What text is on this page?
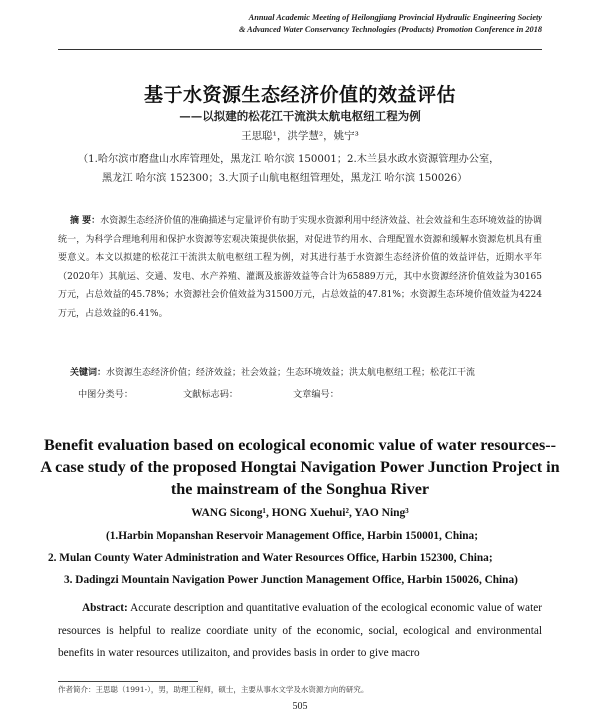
Annual Academic Meeting of Heilongjiang Provincial Hydraulic Engineering Society
& Advanced Water Conservancy Technologies (Products) Promotion Conference in 2018
基于水资源生态经济价值的效益评估
——以拟建的松花江干流洪太航电枢纽工程为例
王思聪¹，洪学慧²，姚宁³
（1.哈尔滨市磨盘山水库管理处，黑龙江 哈尔滨 150001；2.木兰县水政水资源管理办公室，
黑龙江 哈尔滨 152300；3.大顶子山航电枢纽管理处，黑龙江 哈尔滨 150026）
摘 要：水资源生态经济价值的准确描述与定量评价有助于实现水资源利用中经济效益、社会效益和生态环境效益的协调统一，为科学合理地利用和保护水资源等宏观决策提供依据，对促进节约用水、合理配置水资源和缓解水资源危机具有重要意义。本文以拟建的松花江干流洪太航电枢纽工程为例，对其进行基于水资源生态经济价值的效益评估，近期水平年（2020年）其航运、交通、发电、水产养殖、灌溉及旅游效益等合计为65889万元，其中水资源经济价值效益为30165万元，占总效益的45.78%；水资源社会价值效益为31500万元，占总效益的47.81%；水资源生态环境价值效益为4224万元，占总效益的6.41%。
关键词：水资源生态经济价值；经济效益；社会效益；生态环境效益；洪太航电枢纽工程；松花江干流
中图分类号：	文献标志码：	文章编号：
Benefit evaluation based on ecological economic value of water resources--A case study of the proposed Hongtai Navigation Power Junction Project in the mainstream of the Songhua River
WANG Sicong¹, HONG Xuehui², YAO Ning³
(1.Harbin Mopanshan Reservoir Management Office, Harbin 150001, China;
2. Mulan County Water Administration and Water Resources Office, Harbin 152300, China;
3. Dadingzi Mountain Navigation Power Junction Management Office, Harbin 150026, China)
Abstract: Accurate description and quantitative evaluation of the ecological economic value of water resources is helpful to realize coordiate unity of the economic, social, ecological and environmental benefits in water resources utilizaiton, and provides basis in order to give macro
作者简介：王思聪（1991-），男，助理工程师，硕士，主要从事水文学及水资源方向的研究。
505
